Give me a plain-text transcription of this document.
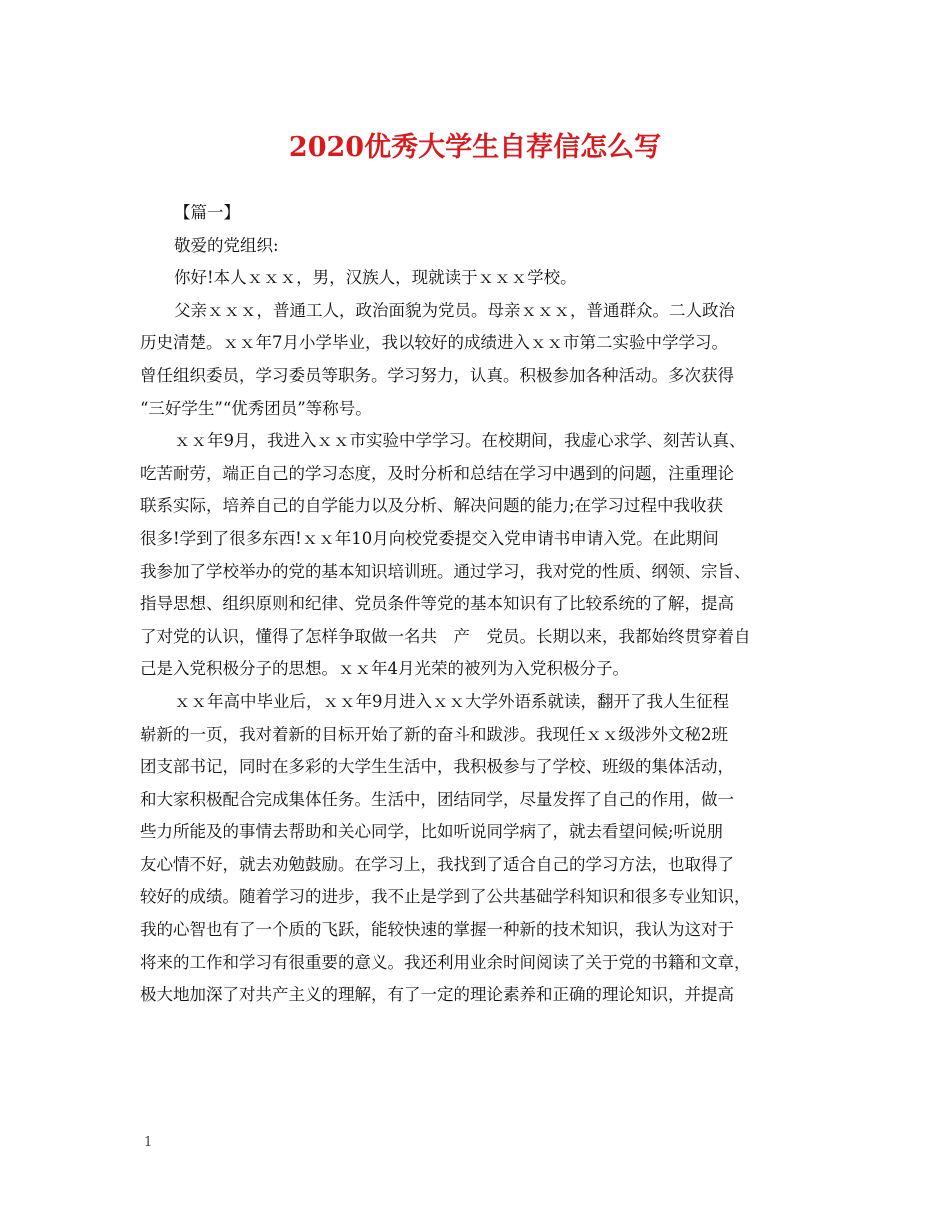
2020优秀大学生自荐信怎么写
【篇一】
敬爱的党组织:
你好!本人ｘｘｘ，男，汉族人，现就读于ｘｘｘ学校。
父亲ｘｘｘ，普通工人，政治面貌为党员。母亲ｘｘｘ，普通群众。二人政治
历史清楚。ｘｘ年7月小学毕业，我以较好的成绩进入ｘｘ市第二实验中学学习。
曾任组织委员，学习委员等职务。学习努力，认真。积极参加各种活动。多次获得
“三好学生”“优秀团员”等称号。
ｘｘ年9月，我进入ｘｘ市实验中学学习。在校期间，我虚心求学、刻苦认真、
吃苦耐劳，端正自己的学习态度，及时分析和总结在学习中遇到的问题，注重理论
联系实际，培养自己的自学能力以及分析、解决问题的能力;在学习过程中我收获
很多!学到了很多东西!ｘｘ年10月向校党委提交入党申请书申请入党。在此期间
我参加了学校举办的党的基本知识培训班。通过学习，我对党的性质、纲领、宗旨、
指导思想、组织原则和纪律、党员条件等党的基本知识有了比较系统的了解，提高
了对党的认识，懂得了怎样争取做一名共　产　党员。长期以来，我都始终贯穿着自
己是入党积极分子的思想。ｘｘ年4月光荣的被列为入党积极分子。
ｘｘ年高中毕业后，ｘｘ年9月进入ｘｘ大学外语系就读，翻开了我人生征程
崭新的一页，我对着新的目标开始了新的奋斗和跋涉。我现任ｘｘ级涉外文秘2班
团支部书记，同时在多彩的大学生生活中，我积极参与了学校、班级的集体活动，
和大家积极配合完成集体任务。生活中，团结同学，尽量发挥了自己的作用，做一
些力所能及的事情去帮助和关心同学，比如听说同学病了，就去看望问候;听说朋
友心情不好，就去劝勉鼓励。在学习上，我找到了适合自己的学习方法，也取得了
较好的成绩。随着学习的进步，我不止是学到了公共基础学科知识和很多专业知识，
我的心智也有了一个质的飞跃，能较快速的掌握一种新的技术知识，我认为这对于
将来的工作和学习有很重要的意义。我还利用业余时间阅读了关于党的书籍和文章，
极大地加深了对共产主义的理解，有了一定的理论素养和正确的理论知识，并提高
1
